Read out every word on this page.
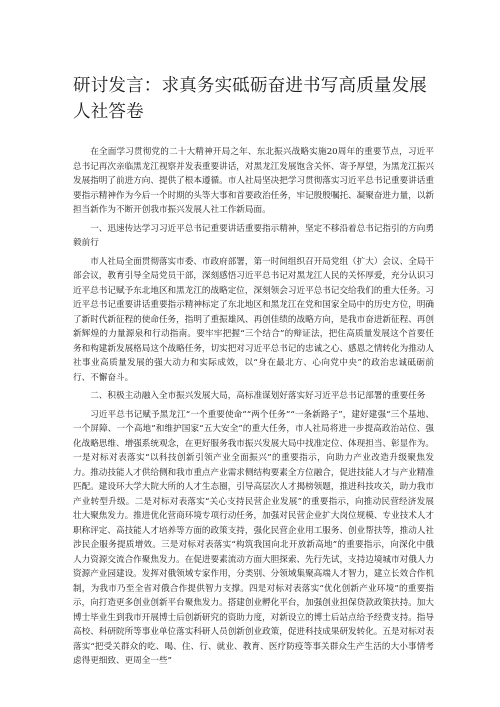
研讨发言：求真务实砥砺奋进书写高质量发展人社答卷

在全面学习贯彻党的二十大精神开局之年、东北振兴战略实施20周年的重要节点，习近平总书记再次亲临黑龙江视察并发表重要讲话，对黑龙江发展饱含关怀、寄予厚望，为黑龙江振兴发展指明了前进方向、提供了根本遵循。市人社局坚决把学习贯彻落实习近平总书记重要讲话重要指示精神作为今后一个时期的头等大事和首要政治任务，牢记殷殷嘱托、凝聚奋进力量，以新担当新作为不断开创我市振兴发展人社工作新局面。

一、迅速传达学习习近平总书记重要讲话重要指示精神，坚定不移沿着总书记指引的方向勇毅前行

市人社局全面贯彻落实市委、市政府部署，第一时间组织召开局党组（扩大）会议、全局干部会议，教育引导全局党员干部，深刻感悟习近平总书记对黑龙江人民的关怀厚爱，充分认识习近平总书记赋予东北地区和黑龙江的战略定位，深刻领会习近平总书记交给我们的重大任务。习近平总书记重要讲话重要指示精神标定了东北地区和黑龙江在党和国家全局中的历史方位，明确了新时代新征程的使命任务，指明了重振雄风、再创佳绩的战略方向，是我市奋进新征程、再创新辉煌的力量源泉和行动指南。要牢牢把握“三个结合”的辩证法，把住高质量发展这个首要任务和构建新发展格局这个战略任务，切实把对习近平总书记的忠诚之心、感恩之情转化为推动人社事业高质量发展的强大动力和实际成效，以“身在最北方、心向党中央”的政治忠诚砥砺前行、不懈奋斗。

二、积极主动融入全市振兴发展大局，高标准谋划好落实好习近平总书记部署的重要任务

习近平总书记赋予黑龙江“一个重要使命”“两个任务”“一条新路子”，建好建强“三个基地、一个屏障、一个高地”和维护国家“五大安全”的重大任务，市人社局将进一步提高政治站位、强化战略思维、增强系统观念，在更好服务我市振兴发展大局中找准定位、体现担当、彰显作为。一是对标对表落实“以科技创新引领产业全面振兴”的重要指示，向助力产业改造升级聚焦发力。推动技能人才供给侧和我市重点产业需求侧结构要素全方位融合，促进技能人才与产业精准匹配。建设环大学大院大所的人才生态圈，引导高层次人才揭榜领题，推进科技攻关，助力我市产业转型升级。二是对标对表落实“关心支持民营企业发展”的重要指示，向推动民营经济发展壮大聚焦发力。推进优化营商环境专项行动任务，加强对民营企业扩大岗位规模、专业技术人才职称评定、高技能人才培养等方面的政策支持，强化民营企业用工服务、创业帮扶等，推动人社涉民企服务提质增效。三是对标对表落实“构筑我国向北开放新高地”的重要指示，向深化中俄人力资源交流合作聚焦发力。在促进要素流动方面大胆探索、先行先试，支持边境城市对俄人力资源产业园建设。发挥对俄领域专家作用，分类别、分领域集聚高端人才智力，建立长效合作机制，为我市乃至全省对俄合作提供智力支撑。四是对标对表落实“优化创新产业环境”的重要指示，向打造更多创业创新平台聚焦发力。搭建创业孵化平台，加强创业担保贷款政策扶持。加大博士毕业生到我市开展博士后创新研究的资助力度，对新设立的博士后站点给予经费支持。指导高校、科研院所等事业单位落实科研人员创新创业政策，促进科技成果研发转化。五是对标对表落实“把受关群众的吃、喝、住、行、就业、教育、医疗防疫等事关群众生产生活的大小事情考虑得更细致、更周全一些”
